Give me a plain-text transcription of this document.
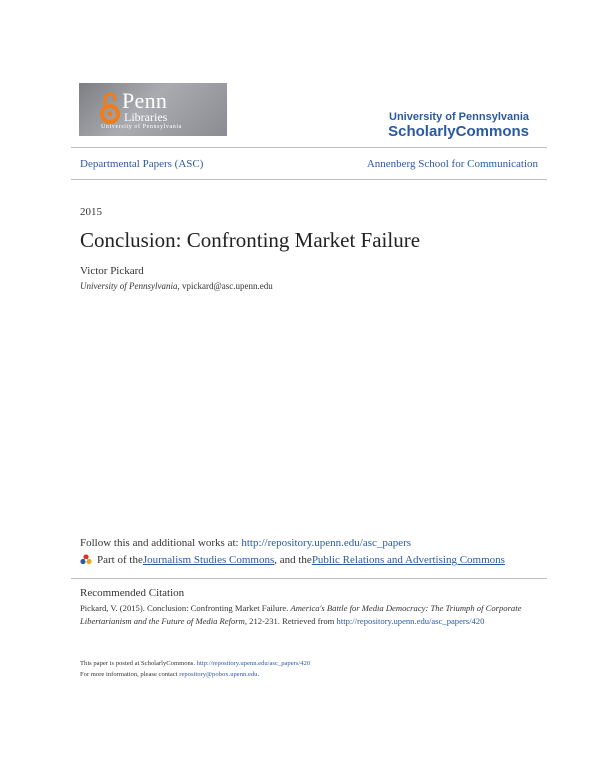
Penn
Libraries
University of Pennsylvania
University of Pennsylvania
ScholarlyCommons
Departmental Papers (ASC)	Annenberg School for Communication
2015
Conclusion: Confronting Market Failure
Victor Pickard
University of Pennsylvania, vpickard@asc.upenn.edu
Follow this and additional works at: http://repository.upenn.edu/asc_papers
Part of the Journalism Studies Commons , and the Public Relations and Advertising Commons
Recommended Citation
Pickard, V. (2015). Conclusion: Confronting Market Failure. America's Battle for Media Democracy: The Triumph of Corporate Libertarianism and the Future of Media Reform, 212-231. Retrieved from http://repository.upenn.edu/asc_papers/420
This paper is posted at ScholarlyCommons. http://repository.upenn.edu/asc_papers/420
For more information, please contact repository@pobox.upenn.edu.
